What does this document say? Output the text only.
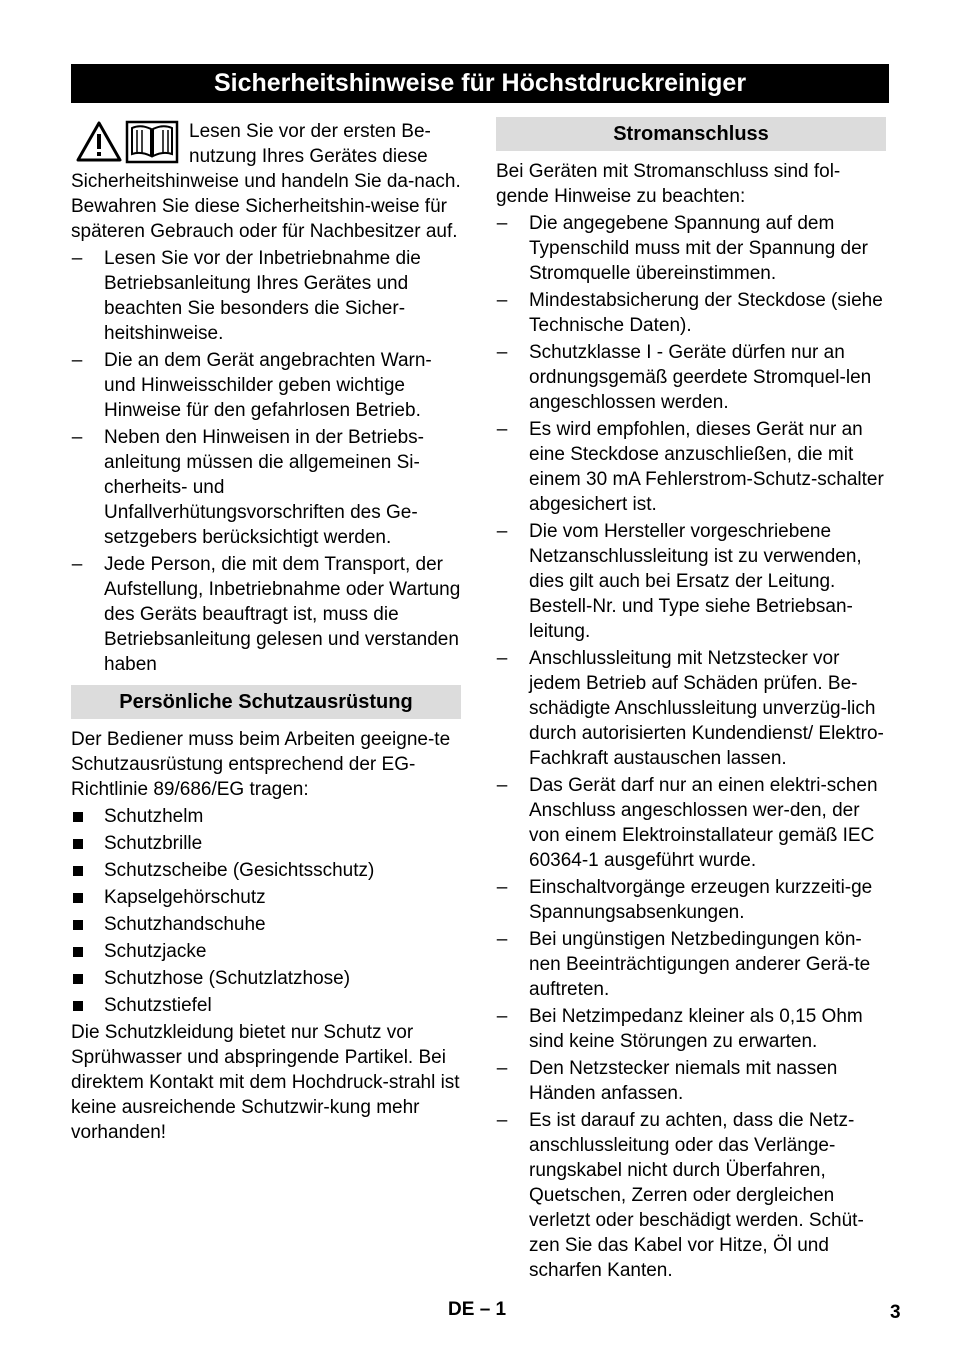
Sicherheitshinweise für Höchstdruckreiniger
Lesen Sie vor der ersten Be- nutzung Ihres Gerätes diese Sicherheitshinweise und handeln Sie da-nach. Bewahren Sie diese Sicherheitshin-weise für späteren Gebrauch oder für Nachbesitzer auf.
– Lesen Sie vor der Inbetriebnahme die Betriebsanleitung Ihres Gerätes und beachten Sie besonders die Sicher-heitshinweise.
– Die an dem Gerät angebrachten Warn- und Hinweisschilder geben wichtige Hinweise für den gefahrlosen Betrieb.
– Neben den Hinweisen in der Betriebs-anleitung müssen die allgemeinen Si-cherheits- und Unfallverhütungsvorschriften des Ge-setzgebers berücksichtigt werden.
– Jede Person, die mit dem Transport, der Aufstellung, Inbetriebnahme oder Wartung des Geräts beauftragt ist, muss die Betriebsanleitung gelesen und verstanden haben
Persönliche Schutzausrüstung

Der Bediener muss beim Arbeiten geeigne-te Schutzausrüstung entsprechend der EG-Richtlinie 89/686/EG tragen:

Schutzhelm
Schutzbrille
Schutzscheibe (Gesichtsschutz)
Kapselgehörschutz
Schutzhandschuhe
Schutzjacke
Schutzhose (Schutzlatzhose)
Schutzstiefel

Die Schutzkleidung bietet nur Schutz vor Sprühwasser und abspringende Partikel. Bei direktem Kontakt mit dem Hochdruck-strahl ist keine ausreichende Schutzwir-kung mehr vorhanden!

Stromanschluss

Bei Geräten mit Stromanschluss sind fol-gende Hinweise zu beachten:

– Die angegebene Spannung auf dem Typenschild muss mit der Spannung der Stromquelle übereinstimmen.
– Mindestabsicherung der Steckdose (siehe Technische Daten).
– Schutzklasse I - Geräte dürfen nur an ordnungsgemäß geerdete Stromquel-len angeschlossen werden.
– Es wird empfohlen, dieses Gerät nur an eine Steckdose anzuschließen, die mit einem 30 mA Fehlerstrom-Schutz-schalter abgesichert ist.
– Die vom Hersteller vorgeschriebene Netzanschlussleitung ist zu verwenden, dies gilt auch bei Ersatz der Leitung. Bestell-Nr. und Type siehe Betriebsan-leitung.
– Anschlussleitung mit Netzstecker vor jedem Betrieb auf Schäden prüfen. Be-schädigte Anschlussleitung unverzüg-lich durch autorisierten Kundendienst/ Elektro-Fachkraft austauschen lassen.
– Das Gerät darf nur an einen elektri-schen Anschluss angeschlossen wer-den, der von einem Elektroinstallateur gemäß IEC 60364-1 ausgeführt wurde.
– Einschaltvorgänge erzeugen kurzzeiti-ge Spannungsabsenkungen.
– Bei ungünstigen Netzbedingungen kön-nen Beeinträchtigungen anderer Gerä-te auftreten.
– Bei Netzimpedanz kleiner als 0,15 Ohm sind keine Störungen zu erwarten.
– Den Netzstecker niemals mit nassen Händen anfassen.
– Es ist darauf zu achten, dass die Netz-anschlussleitung oder das Verlänge-rungskabel nicht durch Überfahren, Quetschen, Zerren oder dergleichen verletzt oder beschädigt werden. Schüt-zen Sie das Kabel vor Hitze, Öl und scharfen Kanten.
DE – 1	3
